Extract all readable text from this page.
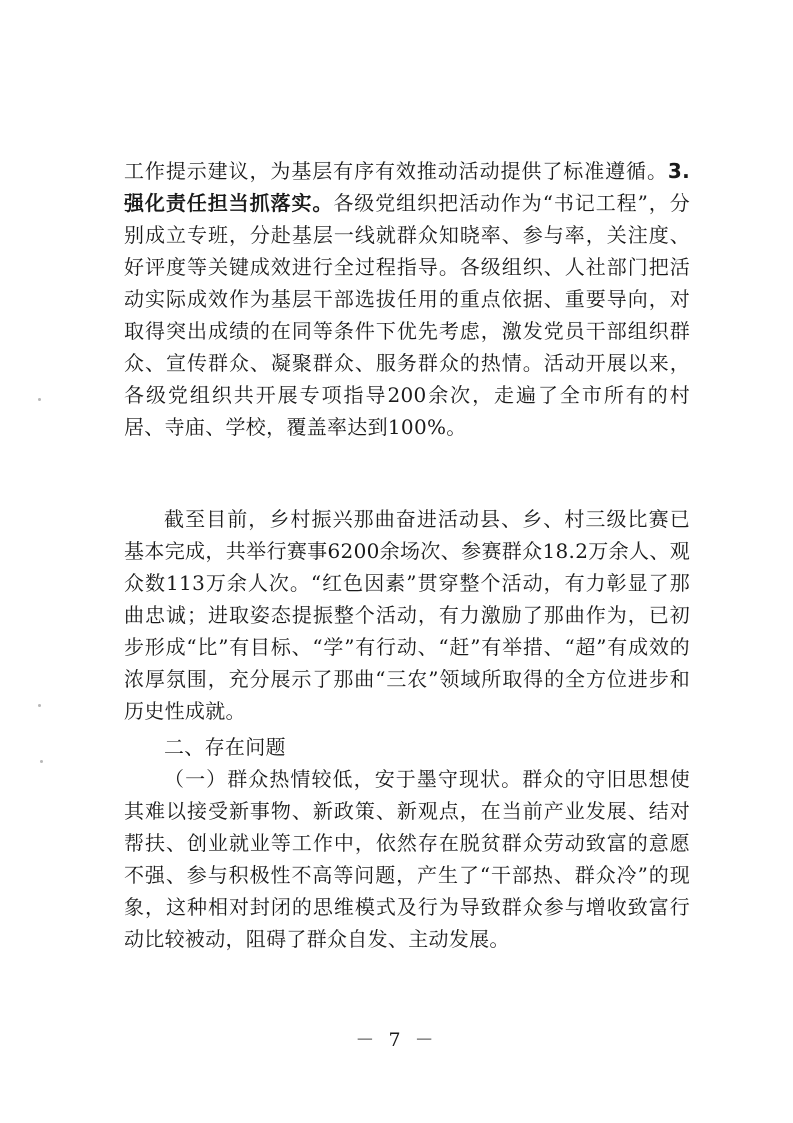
工作提示建议，为基层有序有效推动活动提供了标准遵循。3.强化责任担当抓落实。各级党组织把活动作为“书记工程”，分别成立专班，分赴基层一线就群众知晓率、参与率，关注度、好评度等关键成效进行全过程指导。各级组织、人社部门把活动实际成效作为基层干部选拔任用的重点依据、重要导向，对取得突出成绩的在同等条件下优先考虑，激发党员干部组织群众、宣传群众、凝聚群众、服务群众的热情。活动开展以来，各级党组织共开展专项指导200余次，走遍了全市所有的村居、寺庙、学校，覆盖率达到100%。
截至目前，乡村振兴那曲奋进活动县、乡、村三级比赛已基本完成，共举行赛事6200余场次、参赛群众18.2万余人、观众数113万余人次。“红色因素”贯穿整个活动，有力彰显了那曲忠诚；进取姿态提振整个活动，有力激励了那曲作为，已初步形成“比”有目标、“学”有行动、“赶”有举措、“超”有成效的浓厚氛围，充分展示了那曲“三农”领域所取得的全方位进步和历史性成就。
二、存在问题
（一）群众热情较低，安于墨守现状。群众的守旧思想使其难以接受新事物、新政策、新观点，在当前产业发展、结对帮扶、创业就业等工作中，依然存在脱贫群众劳动致富的意愿不强、参与积极性不高等问题，产生了“干部热、群众冷”的现象，这种相对封闭的思维模式及行为导致群众参与增收致富行动比较被动，阻碍了群众自发、主动发展。
－ 7 －
